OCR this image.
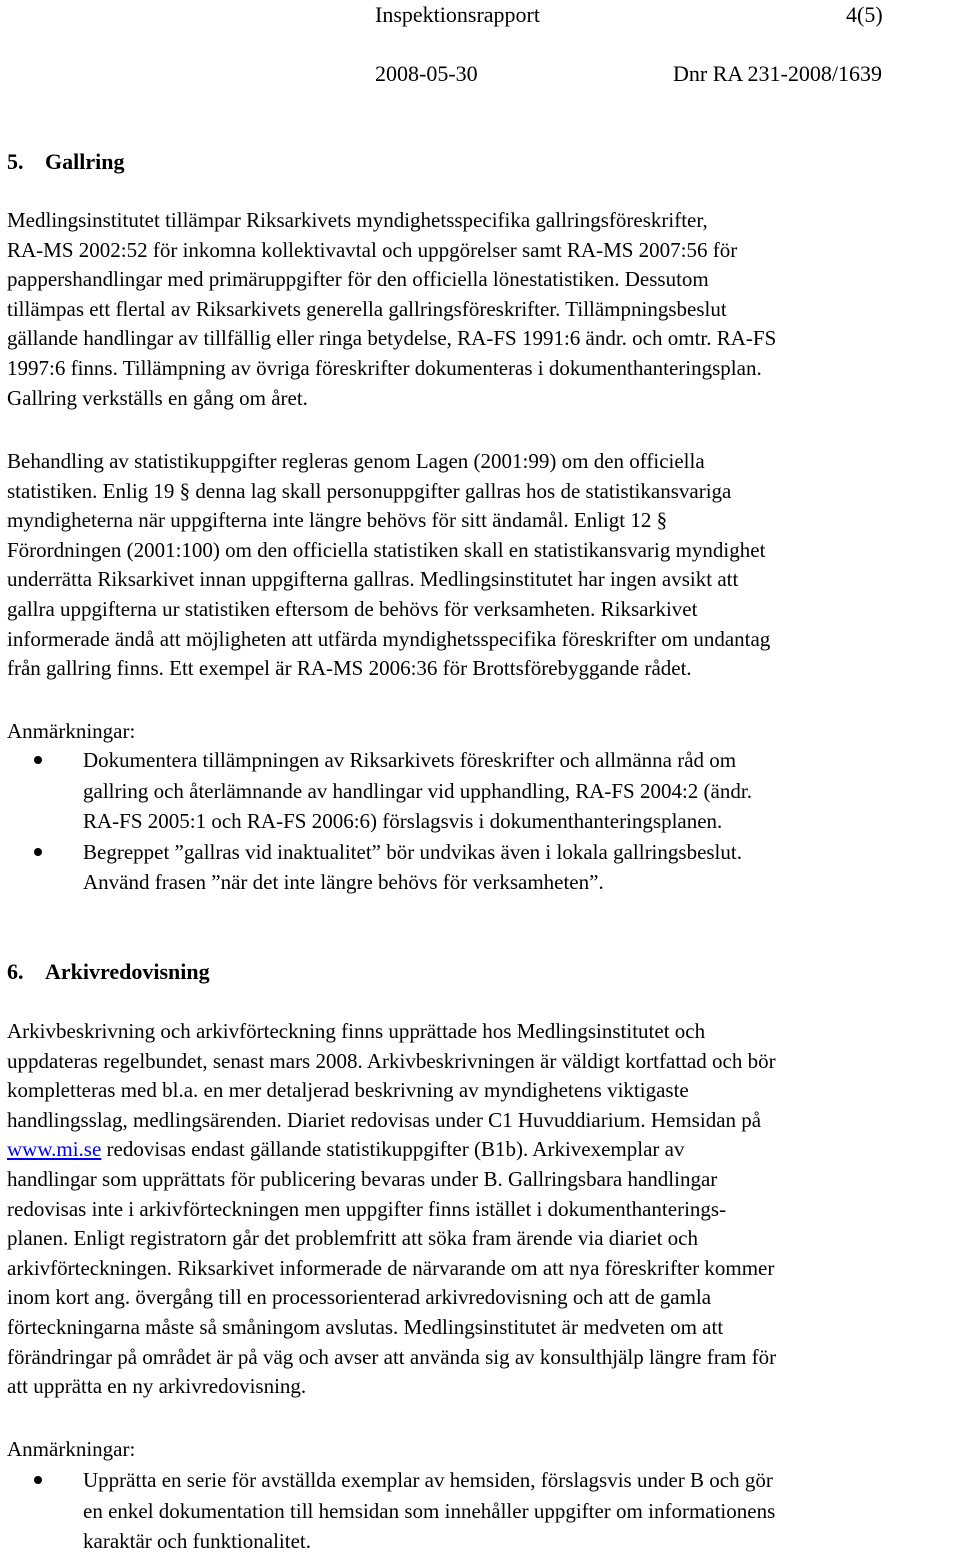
Inspektionsrapport	4(5)
2008-05-30	Dnr RA 231-2008/1639
5. Gallring
Medlingsinstitutet tillämpar Riksarkivets myndighetsspecifika gallringsföreskrifter,
RA-MS 2002:52 för inkomna kollektivavtal och uppgörelser samt RA-MS 2007:56 för
pappershandlingar med primäruppgifter för den officiella lönestatistiken. Dessutom
tillämpas ett flertal av Riksarkivets generella gallringsföreskrifter. Tillämpningsbeslut
gällande handlingar av tillfällig eller ringa betydelse, RA-FS 1991:6 ändr. och omtr. RA-FS
1997:6 finns. Tillämpning av övriga föreskrifter dokumenteras i dokumenthanteringsplan.
Gallring verkställs en gång om året.
Behandling av statistikuppgifter regleras genom Lagen (2001:99) om den officiella
statistiken. Enlig 19 § denna lag skall personuppgifter gallras hos de statistikansvariga
myndigheterna när uppgifterna inte längre behövs för sitt ändamål. Enligt 12 §
Förordningen (2001:100) om den officiella statistiken skall en statistikansvarig myndighet
underrätta Riksarkivet innan uppgifterna gallras. Medlingsinstitutet har ingen avsikt att
gallra uppgifterna ur statistiken eftersom de behövs för verksamheten. Riksarkivet
informerade ändå att möjligheten att utfärda myndighetsspecifika föreskrifter om undantag
från gallring finns. Ett exempel är RA-MS 2006:36 för Brottsförebyggande rådet.
Anmärkningar:
Dokumentera tillämpningen av Riksarkivets föreskrifter och allmänna råd om
gallring och återlämnande av handlingar vid upphandling, RA-FS 2004:2 (ändr.
RA-FS 2005:1 och RA-FS 2006:6) förslagsvis i dokumenthanteringsplanen.
Begreppet ”gallras vid inaktualitet” bör undvikas även i lokala gallringsbeslut.
Använd frasen ”när det inte längre behövs för verksamheten”.
6. Arkivredovisning
Arkivbeskrivning och arkivförteckning finns upprättade hos Medlingsinstitutet och
uppdateras regelbundet, senast mars 2008. Arkivbeskrivningen är väldigt kortfattad och bör
kompletteras med bl.a. en mer detaljerad beskrivning av myndighetens viktigaste
handlingsslag, medlingsärenden. Diariet redovisas under C1 Huvuddiarium. Hemsidan på
www.mi.se redovisas endast gällande statistikuppgifter (B1b). Arkivexemplar av
handlingar som upprättats för publicering bevaras under B. Gallringsbara handlingar
redovisas inte i arkivförteckningen men uppgifter finns istället i dokumenthanterings-
planen. Enligt registratorn går det problemfritt att söka fram ärende via diariet och
arkivförteckningen. Riksarkivet informerade de närvarande om att nya föreskrifter kommer
inom kort ang. övergång till en processorienterad arkivredovisning och att de gamla
förteckningarna måste så småningom avslutas. Medlingsinstitutet är medveten om att
förändringar på området är på väg och avser att använda sig av konsulthjälp längre fram för
att upprätta en ny arkivredovisning.
Anmärkningar:
Upprätta en serie för avställda exemplar av hemsiden, förslagsvis under B och gör
en enkel dokumentation till hemsidan som innehåller uppgifter om informationens
karaktär och funktionalitet.
